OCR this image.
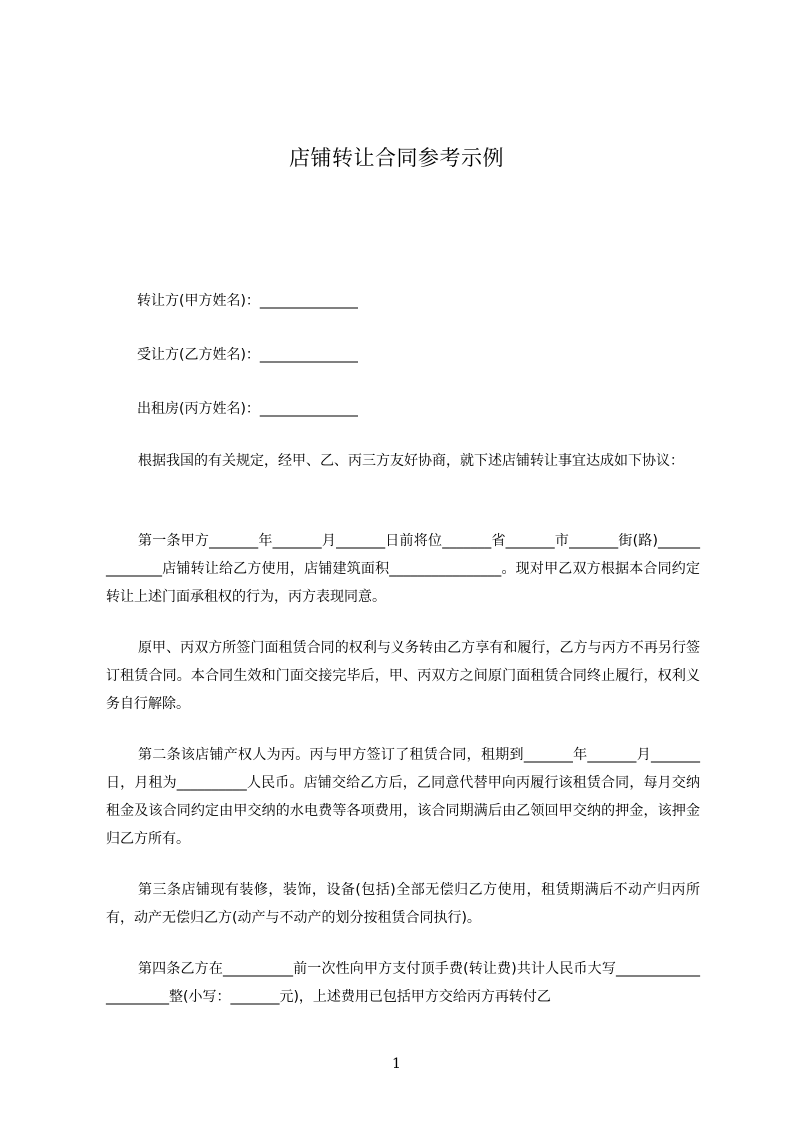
店铺转让合同参考示例
转让方(甲方姓名)：______________
受让方(乙方姓名)：______________
出租房(丙方姓名)：______________
根据我国的有关规定，经甲、乙、丙三方友好协商，就下述店铺转让事宜达成如下协议：
第一条甲方_______年_______月_______日前将位_______省_______市_______街(路)______________店铺转让给乙方使用，店铺建筑面积________________。现对甲乙双方根据本合同约定转让上述门面承租权的行为，丙方表现同意。
原甲、丙双方所签门面租赁合同的权利与义务转由乙方享有和履行，乙方与丙方不再另行签订租赁合同。本合同生效和门面交接完毕后，甲、丙双方之间原门面租赁合同终止履行，权利义务自行解除。
第二条该店铺产权人为丙。丙与甲方签订了租赁合同，租期到_______年_______月_______日，月租为__________人民币。店铺交给乙方后，乙同意代替甲向丙履行该租赁合同，每月交纳租金及该合同约定由甲交纳的水电费等各项费用，该合同期满后由乙领回甲交纳的押金，该押金归乙方所有。
第三条店铺现有装修，装饰，设备(包括)全部无偿归乙方使用，租赁期满后不动产归丙所有，动产无偿归乙方(动产与不动产的划分按租赁合同执行)。
第四条乙方在__________前一次性向甲方支付顶手费(转让费)共计人民币大写_____________________整(小写：_______元)，上述费用已包括甲方交给丙方再转付乙
1
